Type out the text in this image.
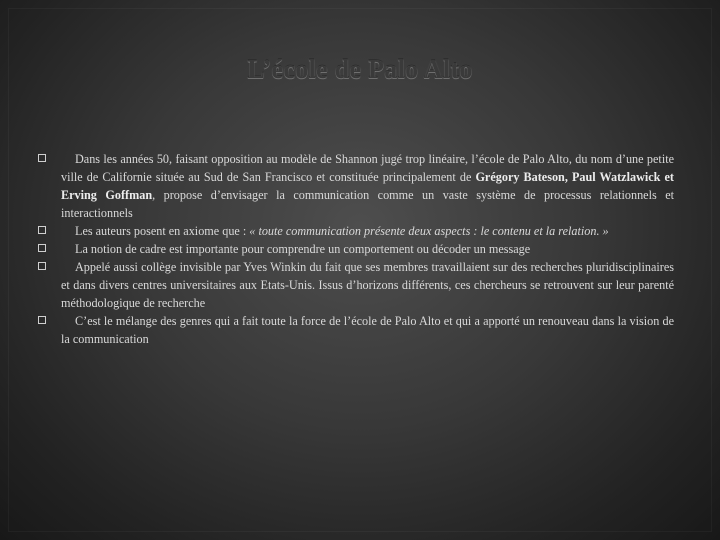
L’école de Palo Alto
Dans les années 50, faisant opposition au modèle de Shannon jugé trop linéaire, l’école de Palo Alto, du nom d’une petite ville de Californie située au Sud de San Francisco et constituée principalement de Grégory Bateson, Paul Watzlawick et Erving Goffman, propose d’envisager la communication comme un vaste système de processus relationnels et interactionnels
Les auteurs posent en axiome que : « toute communication présente deux aspects : le contenu et la relation. »
La notion de cadre est importante pour comprendre un comportement ou décoder un message
Appelé aussi collège invisible par Yves Winkin du fait que ses membres travaillaient sur des recherches pluridisciplinaires et dans divers centres universitaires aux Etats-Unis. Issus d’horizons différents, ces chercheurs se retrouvent sur leur parenté méthodologique de recherche
C’est le mélange des genres qui a fait toute la force de l’école de Palo Alto et qui a apporté un renouveau dans la vision de la communication
